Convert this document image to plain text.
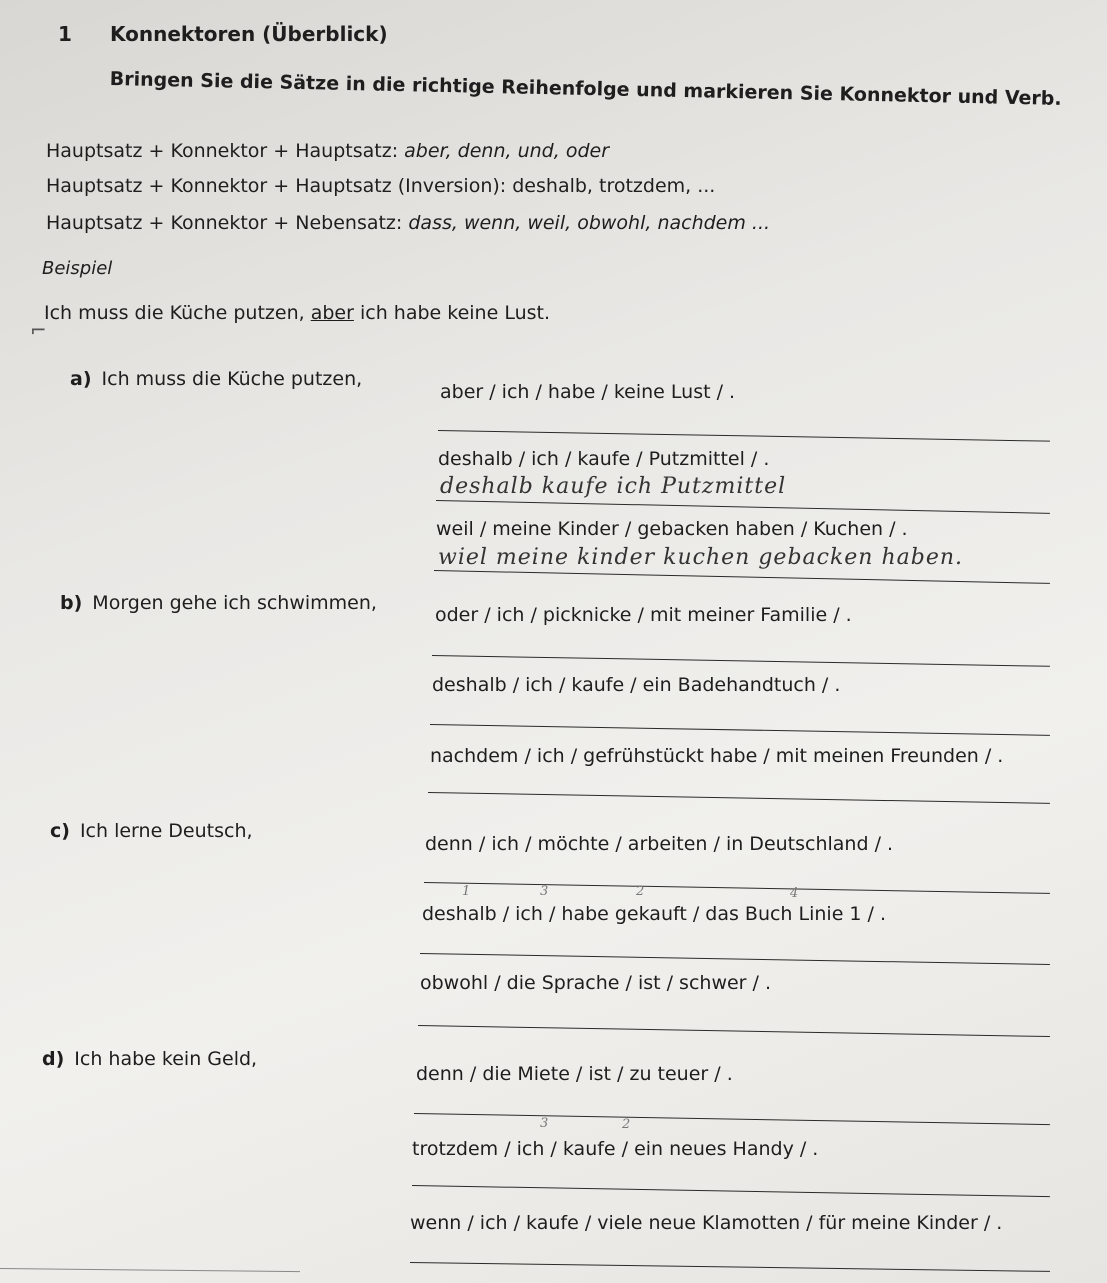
1 Konnektoren (Überblick)
Bringen Sie die Sätze in die richtige Reihenfolge und markieren Sie Konnektor und Verb.
Hauptsatz + Konnektor + Hauptsatz: aber, denn, und, oder
Hauptsatz + Konnektor + Hauptsatz (Inversion): deshalb, trotzdem, ...
Hauptsatz + Konnektor + Nebensatz: dass, wenn, weil, obwohl, nachdem ...
Beispiel
Ich muss die Küche putzen, aber ich habe keine Lust.
⌐
a) Ich muss die Küche putzen,
aber / ich / habe / keine Lust / .
deshalb / ich / kaufe / Putzmittel / .
deshalb kaufe ich Putzmittel
weil / meine Kinder / gebacken haben / Kuchen / .
wiel meine kinder kuchen gebacken haben.
b) Morgen gehe ich schwimmen,
oder / ich / picknicke / mit meiner Familie / .
deshalb / ich / kaufe / ein Badehandtuch / .
nachdem / ich / gefrühstückt habe / mit meinen Freunden / .
c) Ich lerne Deutsch,
denn / ich / möchte / arbeiten / in Deutschland / .
1	3	2	4
deshalb / ich / habe gekauft / das Buch Linie 1 / .
obwohl / die Sprache / ist / schwer / .
d) Ich habe kein Geld,
denn / die Miete / ist / zu teuer / .
3	2
trotzdem / ich / kaufe / ein neues Handy / .
wenn / ich / kaufe / viele neue Klamotten / für meine Kinder / .
